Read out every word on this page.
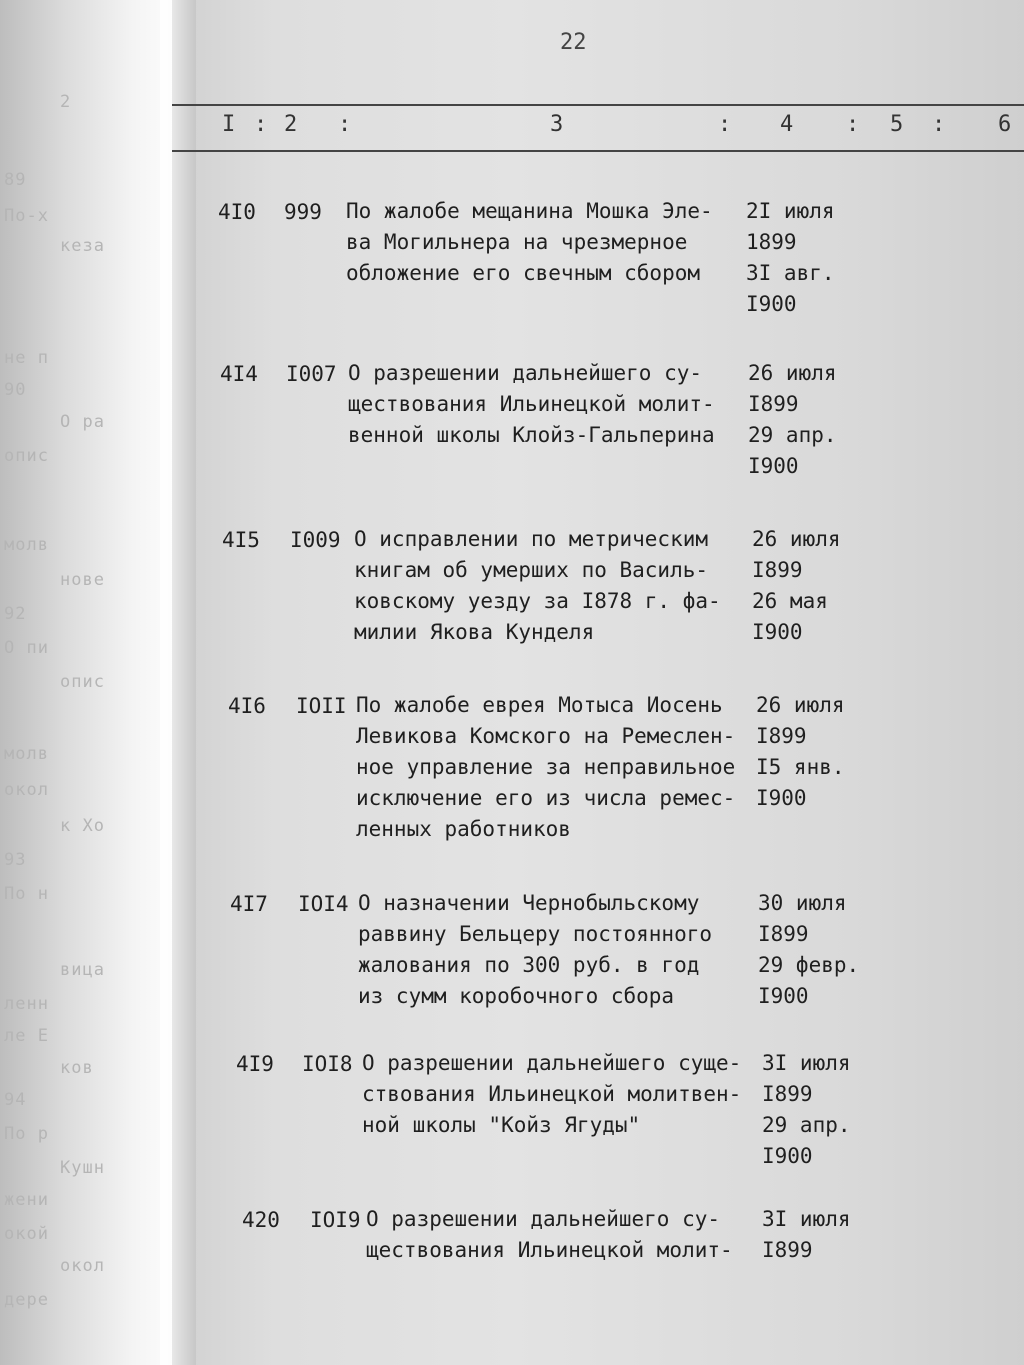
2
89
По-х
кеза
не п
90
О ра
опис
молв
нове
92
О пи
опис
молв
окол
к Хо
93
По н
вица
ленн
ле Е
ков
94
По р
Кушн
жени
окой
окол
дере
22
I : 2 :	3	: 4 : 5 : 6
4I0 999 По жалобе мещанина Мошка Эле-
ва Могильнера на чрезмерное
обложение его свечным сбором
2I июля
1899
3I авг.
I900
4I4 I007 О разрешении дальнейшего су-
ществования Ильинецкой молит-
венной школы Клойз-Гальперина
26 июля
I899
29 апр.
I900
4I5 I009 О исправлении по метрическим
книгам об умерших по Василь-
ковскому уезду за I878 г. фа-
милии Якова Кунделя
26 июля
I899
26 мая
I900
4I6 IOII По жалобе еврея Мотыса Иосень
Левикова Комского на Ремеслен-
ное управление за неправильное
исключение его из числа ремес-
ленных работников
26 июля
I899
I5 янв.
I900
4I7 IOI4 О назначении Чернобыльскому
раввину Бельцеру постоянного
жалования по 300 руб. в год
из сумм коробочного сбора
30 июля
I899
29 февр.
I900
4I9 IOI8 О разрешении дальнейшего суще-
ствования Ильинецкой молитвен-
ной школы "Койз Ягуды"
3I июля
I899
29 апр.
I900
420 IOI9 О разрешении дальнейшего су-
ществования Ильинецкой молит-
3I июля
I899
